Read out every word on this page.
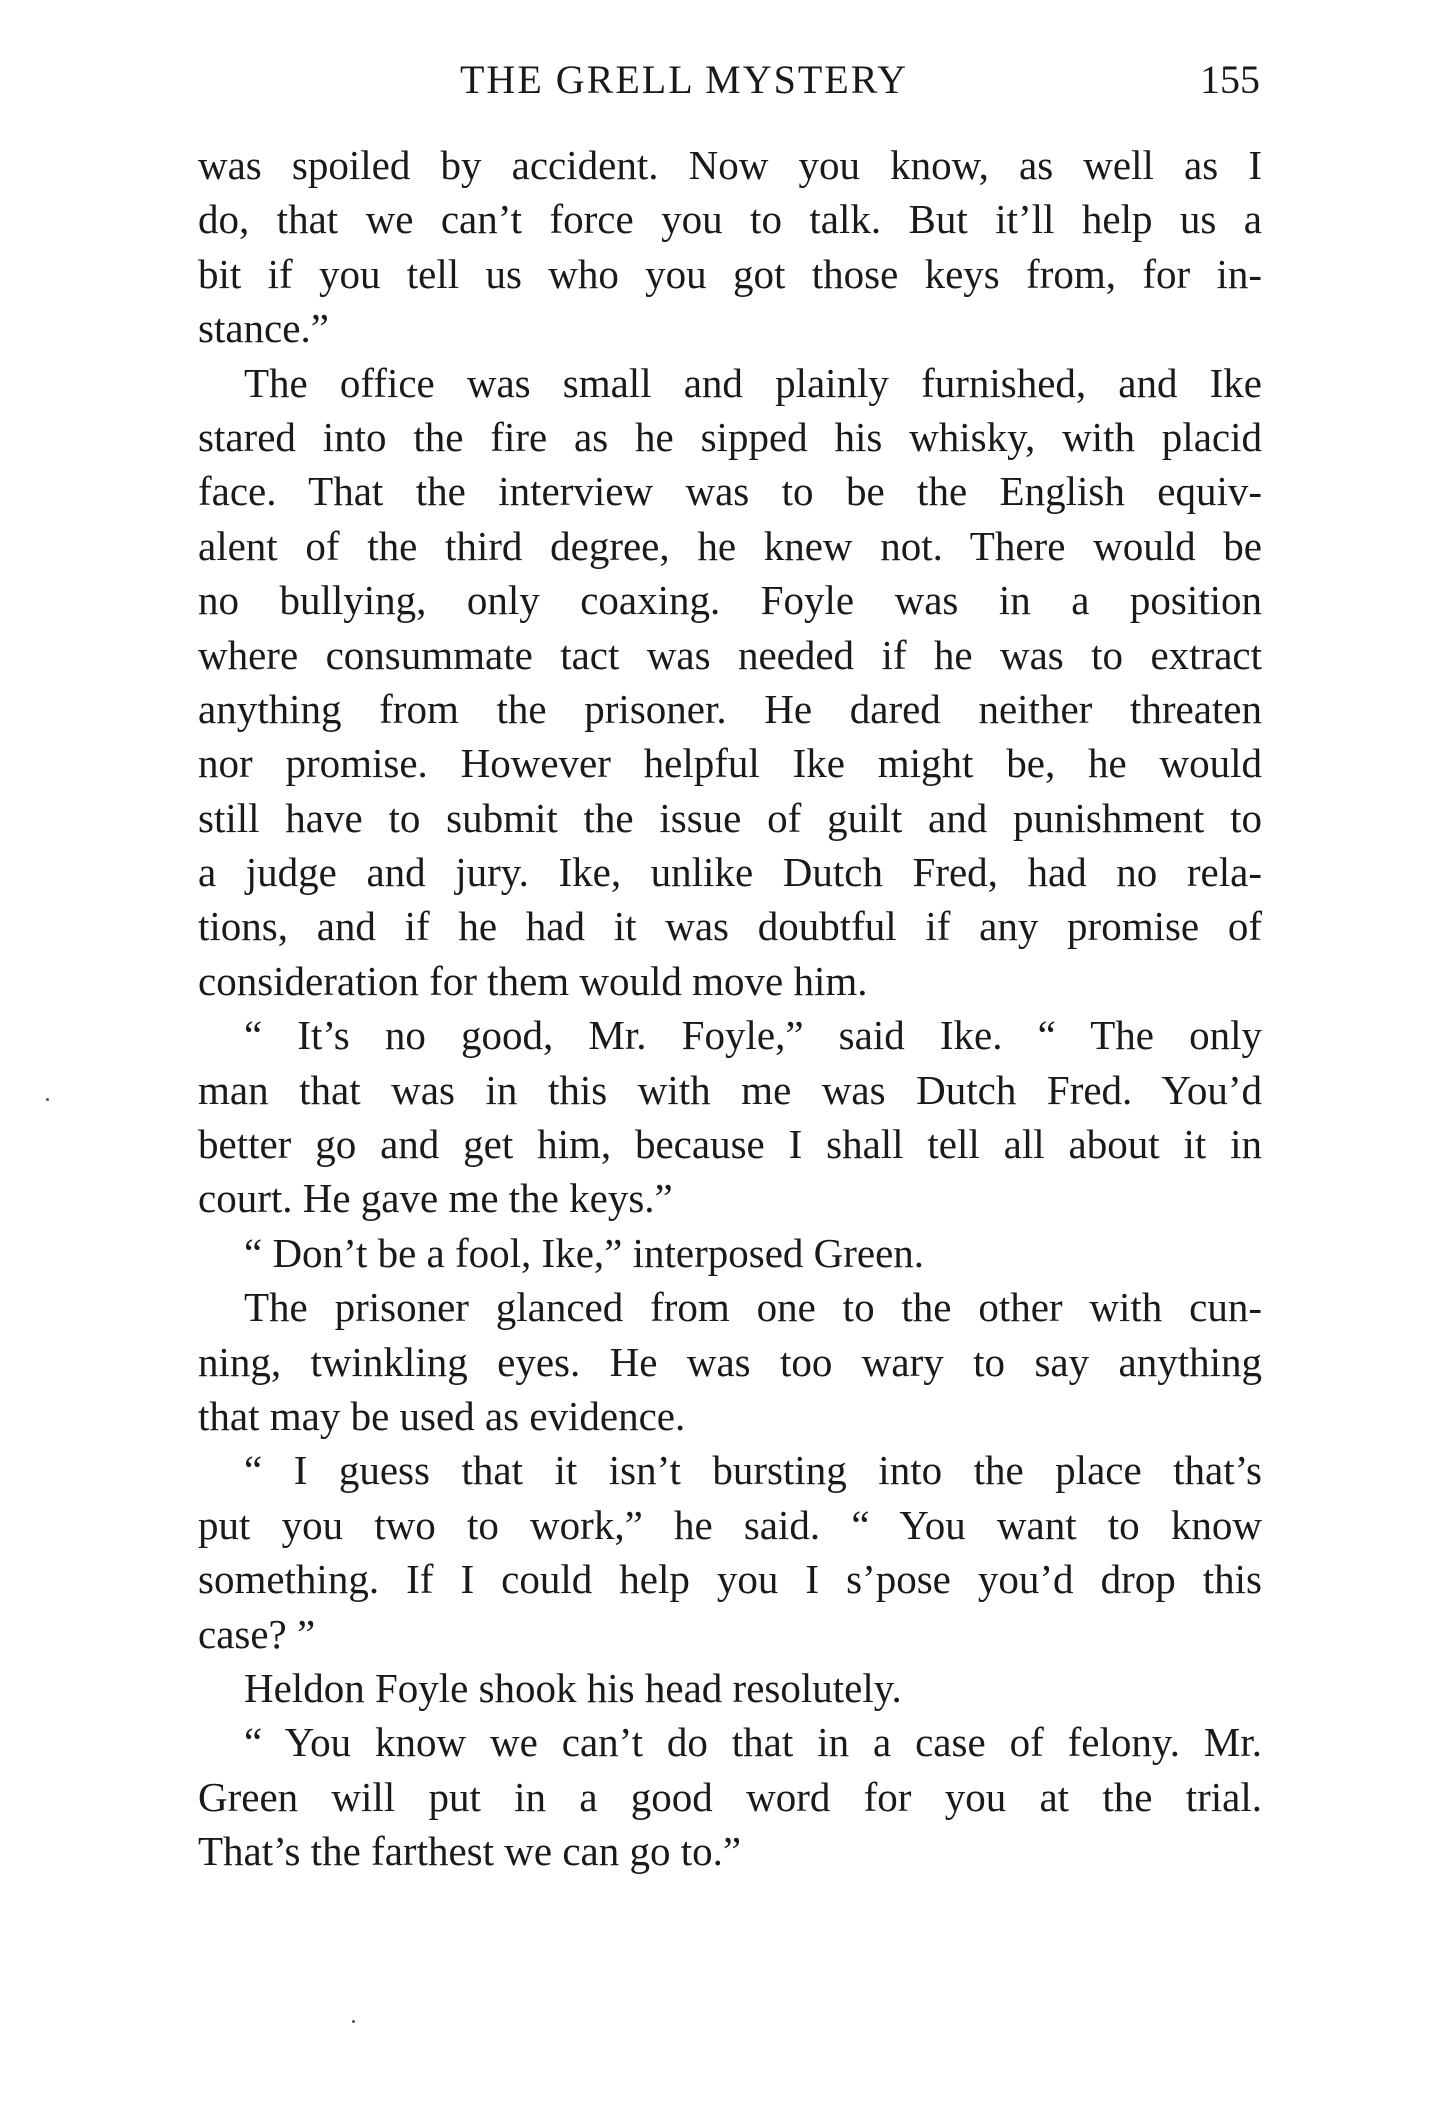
THE GRELL MYSTERY	155
was spoiled by accident. Now you know, as well as I
do, that we can’t force you to talk. But it’ll help us a
bit if you tell us who you got those keys from, for in-
stance.”
The office was small and plainly furnished, and Ike
stared into the fire as he sipped his whisky, with placid
face. That the interview was to be the English equiv-
alent of the third degree, he knew not. There would be
no bullying, only coaxing. Foyle was in a position
where consummate tact was needed if he was to extract
anything from the prisoner. He dared neither threaten
nor promise. However helpful Ike might be, he would
still have to submit the issue of guilt and punishment to
a judge and jury. Ike, unlike Dutch Fred, had no rela-
tions, and if he had it was doubtful if any promise of
consideration for them would move him.
“ It’s no good, Mr. Foyle,” said Ike. “ The only
man that was in this with me was Dutch Fred. You’d
better go and get him, because I shall tell all about it in
court. He gave me the keys.”
“ Don’t be a fool, Ike,” interposed Green.
The prisoner glanced from one to the other with cun-
ning, twinkling eyes. He was too wary to say anything
that may be used as evidence.
“ I guess that it isn’t bursting into the place that’s
put you two to work,” he said. “ You want to know
something. If I could help you I s’pose you’d drop this
case? ”
Heldon Foyle shook his head resolutely.
“ You know we can’t do that in a case of felony. Mr.
Green will put in a good word for you at the trial.
That’s the farthest we can go to.”
